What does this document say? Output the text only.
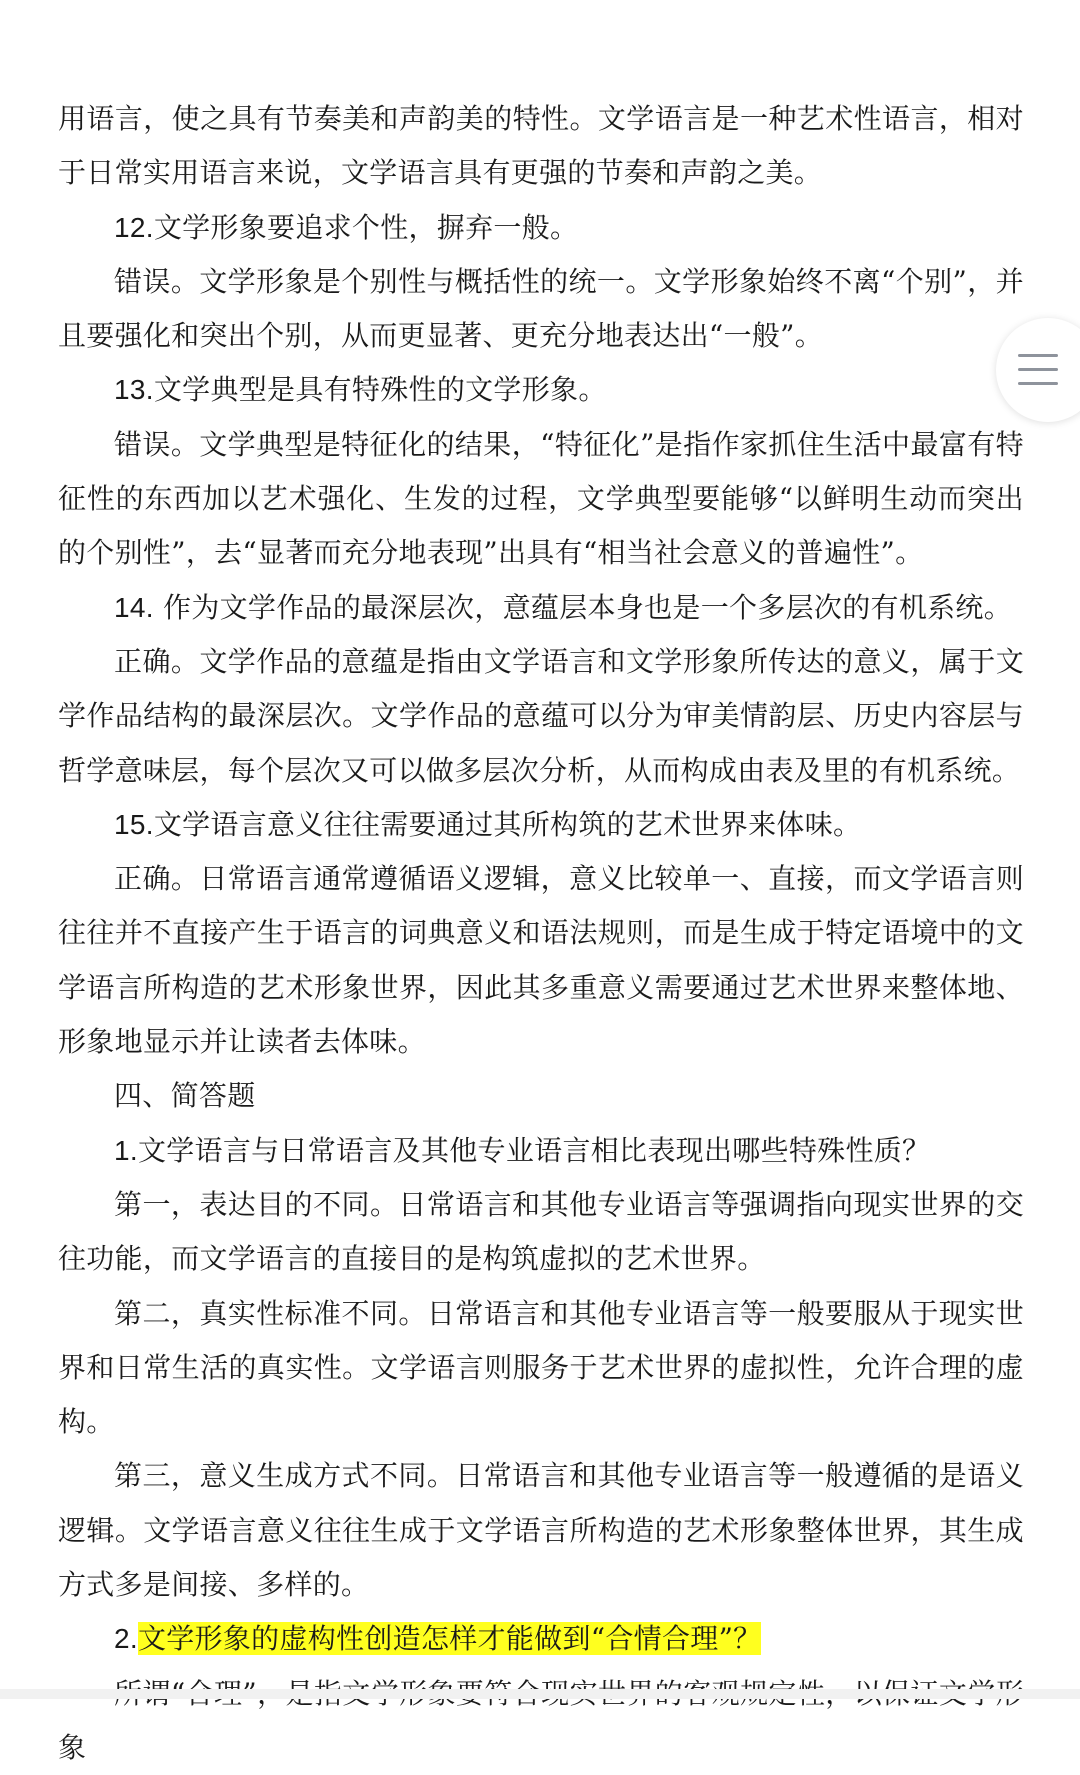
用语言，使之具有节奏美和声韵美的特性。文学语言是一种艺术性语言，相对于日常实用语言来说，文学语言具有更强的节奏和声韵之美。

12.文学形象要追求个性，摒弃一般。

错误。文学形象是个别性与概括性的统一。文学形象始终不离“个别”，并且要强化和突出个别，从而更显著、更充分地表达出“一般”。

13.文学典型是具有特殊性的文学形象。

错误。文学典型是特征化的结果，“特征化”是指作家抓住生活中最富有特征性的东西加以艺术强化、生发的过程，文学典型要能够“以鲜明生动而突出的个别性”，去“显著而充分地表现”出具有“相当社会意义的普遍性”。

14. 作为文学作品的最深层次，意蕴层本身也是一个多层次的有机系统。

正确。文学作品的意蕴是指由文学语言和文学形象所传达的意义，属于文学作品结构的最深层次。文学作品的意蕴可以分为审美情韵层、历史内容层与哲学意味层，每个层次又可以做多层次分析，从而构成由表及里的有机系统。

15.文学语言意义往往需要通过其所构筑的艺术世界来体味。

正确。日常语言通常遵循语义逻辑，意义比较单一、直接，而文学语言则往往并不直接产生于语言的词典意义和语法规则，而是生成于特定语境中的文学语言所构造的艺术形象世界，因此其多重意义需要通过艺术世界来整体地、形象地显示并让读者去体味。

四、简答题

1.文学语言与日常语言及其他专业语言相比表现出哪些特殊性质？

第一，表达目的不同。日常语言和其他专业语言等强调指向现实世界的交往功能，而文学语言的直接目的是构筑虚拟的艺术世界。

第二，真实性标准不同。日常语言和其他专业语言等一般要服从于现实世界和日常生活的真实性。文学语言则服务于艺术世界的虚拟性，允许合理的虚构。

第三，意义生成方式不同。日常语言和其他专业语言等一般遵循的是语义逻辑。文学语言意义往往生成于文学语言所构造的艺术形象整体世界，其生成方式多是间接、多样的。

2.文学形象的虚构性创造怎样才能做到“合情合理”？

象
